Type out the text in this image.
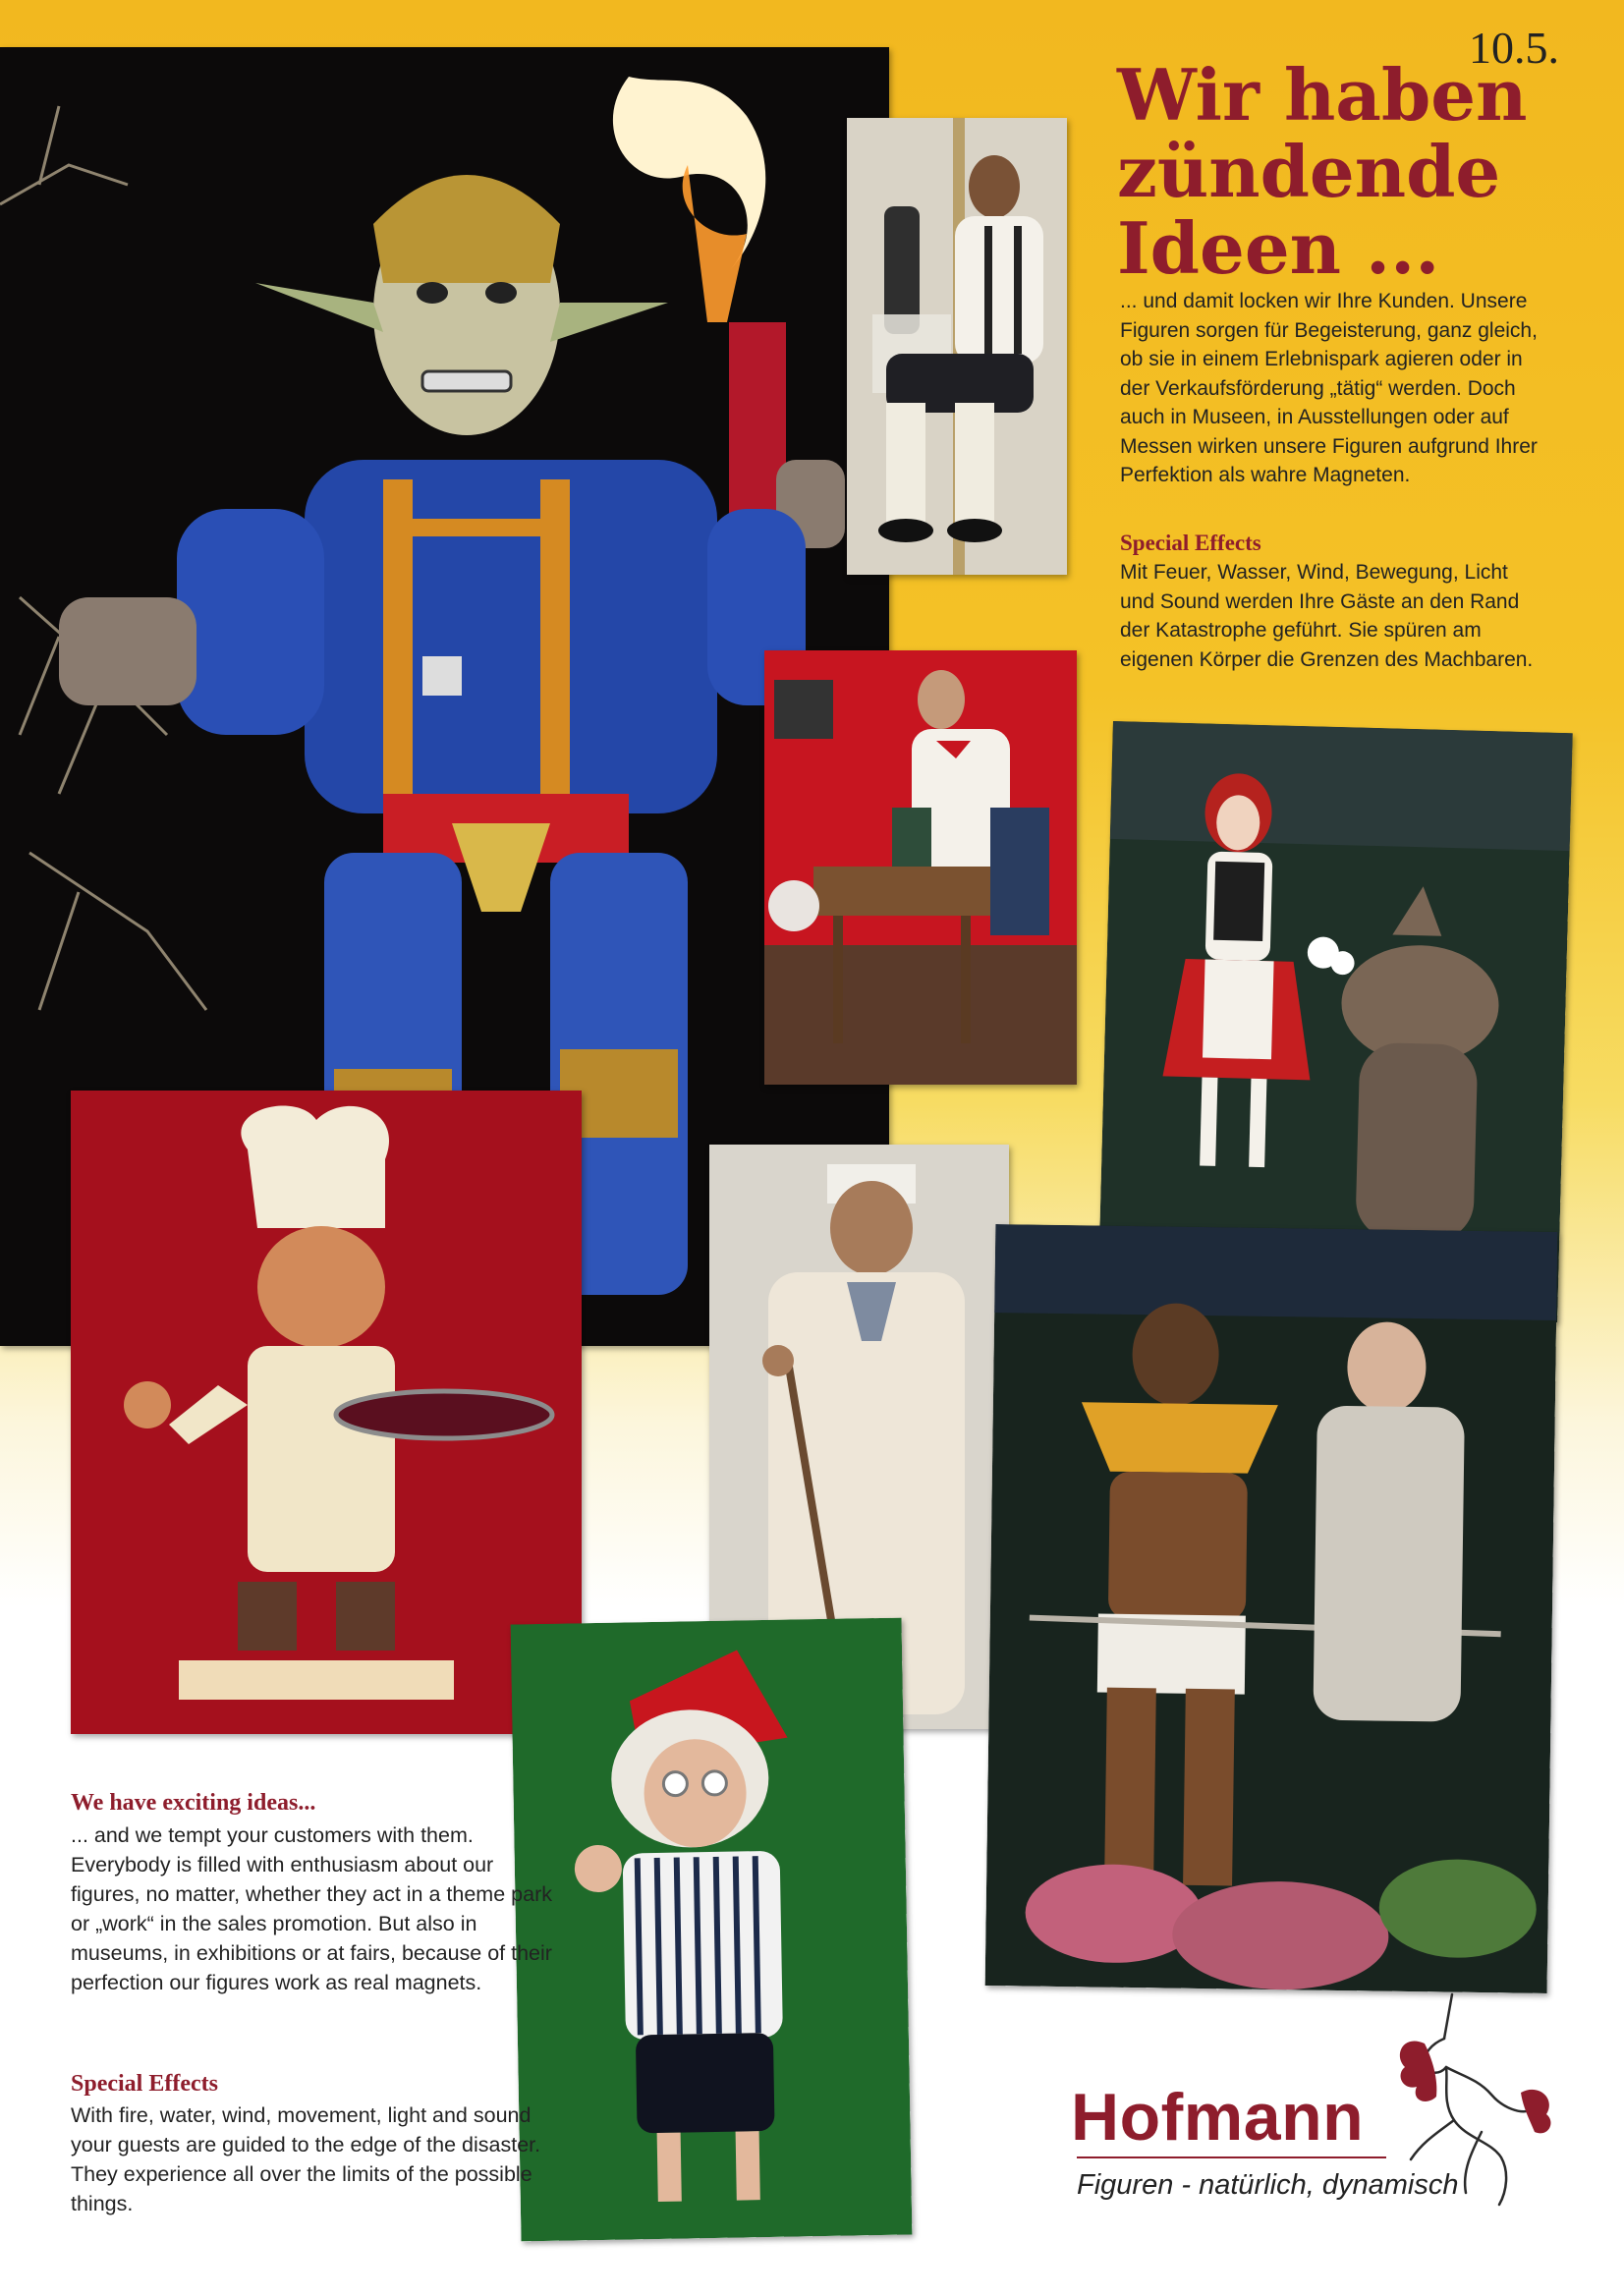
10.5.
Wir haben
zündende
Ideen ...

... und damit locken wir Ihre Kunden. Unsere Figuren sorgen für Begeisterung, ganz gleich, ob sie in einem Erlebnispark agieren oder in der Verkaufsförderung „tätig“ werden. Doch auch in Museen, in Ausstellungen oder auf Messen wirken unsere Figuren aufgrund Ihrer Perfektion als wahre Magneten.

Special Effects

Mit Feuer, Wasser, Wind, Bewegung, Licht und Sound werden Ihre Gäste an den Rand der Katastrophe geführt. Sie spüren am eigenen Körper die Grenzen des Machbaren.

We have exciting ideas...

... and we tempt your customers with them. Everybody is filled with enthusiasm about our figures, no matter, whether they act in a theme park or „work“ in the sales promotion. But also in museums, in exhibitions or at fairs, because of their perfection our figures work as real magnets.

Special Effects

With fire, water, wind, movement, light and sound your guests are guided to the edge of the disaster. They experience all over the limits of the possible things.

Hofmann
Figuren - natürlich, dynamisch
